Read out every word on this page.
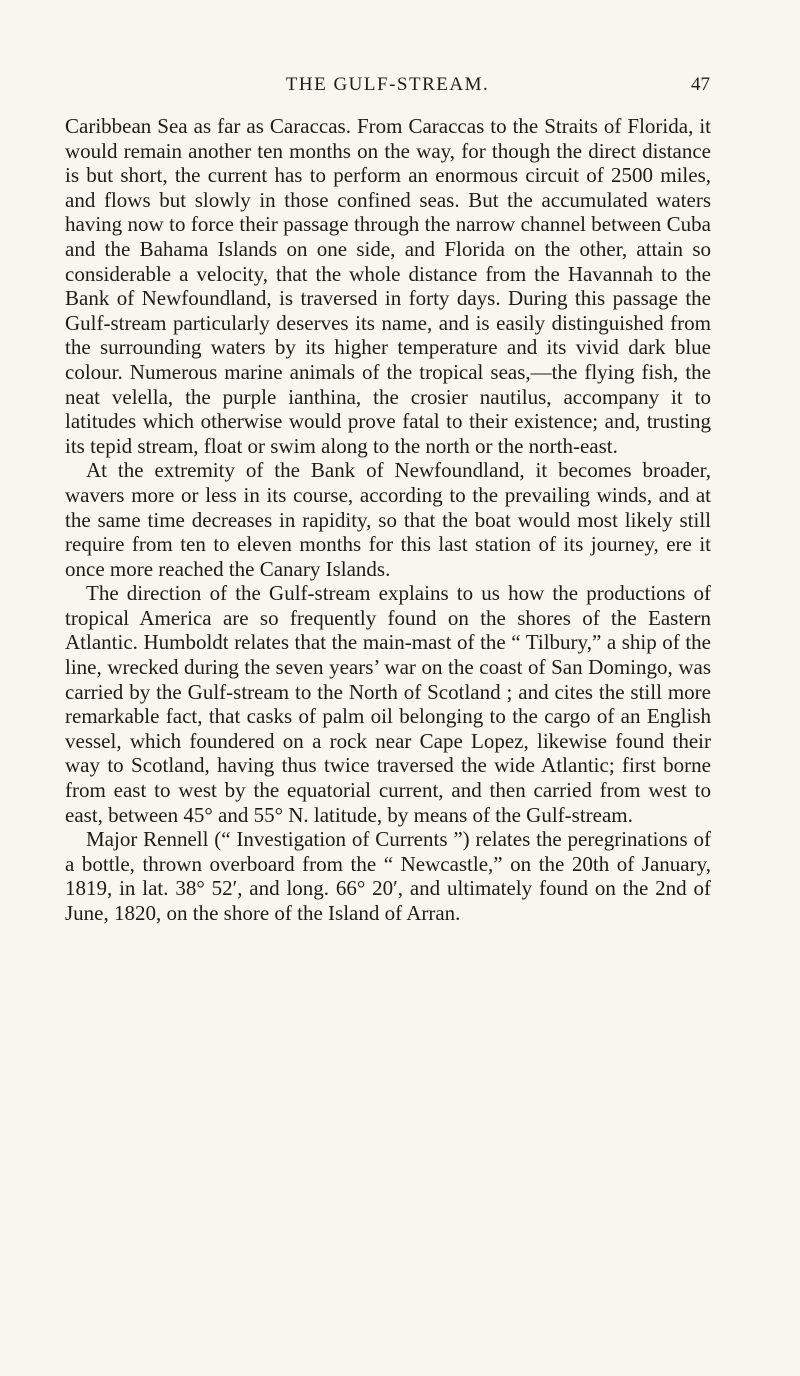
THE GULF-STREAM.	47

Caribbean Sea as far as Caraccas. From Caraccas to the Straits of Florida, it would remain another ten months on the way, for though the direct distance is but short, the current has to perform an enormous circuit of 2500 miles, and flows but slowly in those confined seas. But the accumulated waters having now to force their passage through the narrow channel between Cuba and the Bahama Islands on one side, and Florida on the other, attain so considerable a velocity, that the whole distance from the Havannah to the Bank of Newfoundland, is traversed in forty days. During this passage the Gulf-stream particularly deserves its name, and is easily distinguished from the surrounding waters by its higher temperature and its vivid dark blue colour. Numerous marine animals of the tropical seas,—the flying fish, the neat velella, the purple ianthina, the crosier nautilus, accompany it to latitudes which otherwise would prove fatal to their existence; and, trusting its tepid stream, float or swim along to the north or the north-east.

At the extremity of the Bank of Newfoundland, it becomes broader, wavers more or less in its course, according to the prevailing winds, and at the same time decreases in rapidity, so that the boat would most likely still require from ten to eleven months for this last station of its journey, ere it once more reached the Canary Islands.

The direction of the Gulf-stream explains to us how the productions of tropical America are so frequently found on the shores of the Eastern Atlantic. Humboldt relates that the main-mast of the “ Tilbury,” a ship of the line, wrecked during the seven years’ war on the coast of San Domingo, was carried by the Gulf-stream to the North of Scotland ; and cites the still more remarkable fact, that casks of palm oil belonging to the cargo of an English vessel, which foundered on a rock near Cape Lopez, likewise found their way to Scotland, having thus twice traversed the wide Atlantic; first borne from east to west by the equatorial current, and then carried from west to east, between 45° and 55° N. latitude, by means of the Gulf-stream.

Major Rennell (“ Investigation of Currents ”) relates the peregrinations of a bottle, thrown overboard from the “ Newcastle,” on the 20th of January, 1819, in lat. 38° 52′, and long. 66° 20′, and ultimately found on the 2nd of June, 1820, on the shore of the Island of Arran.
